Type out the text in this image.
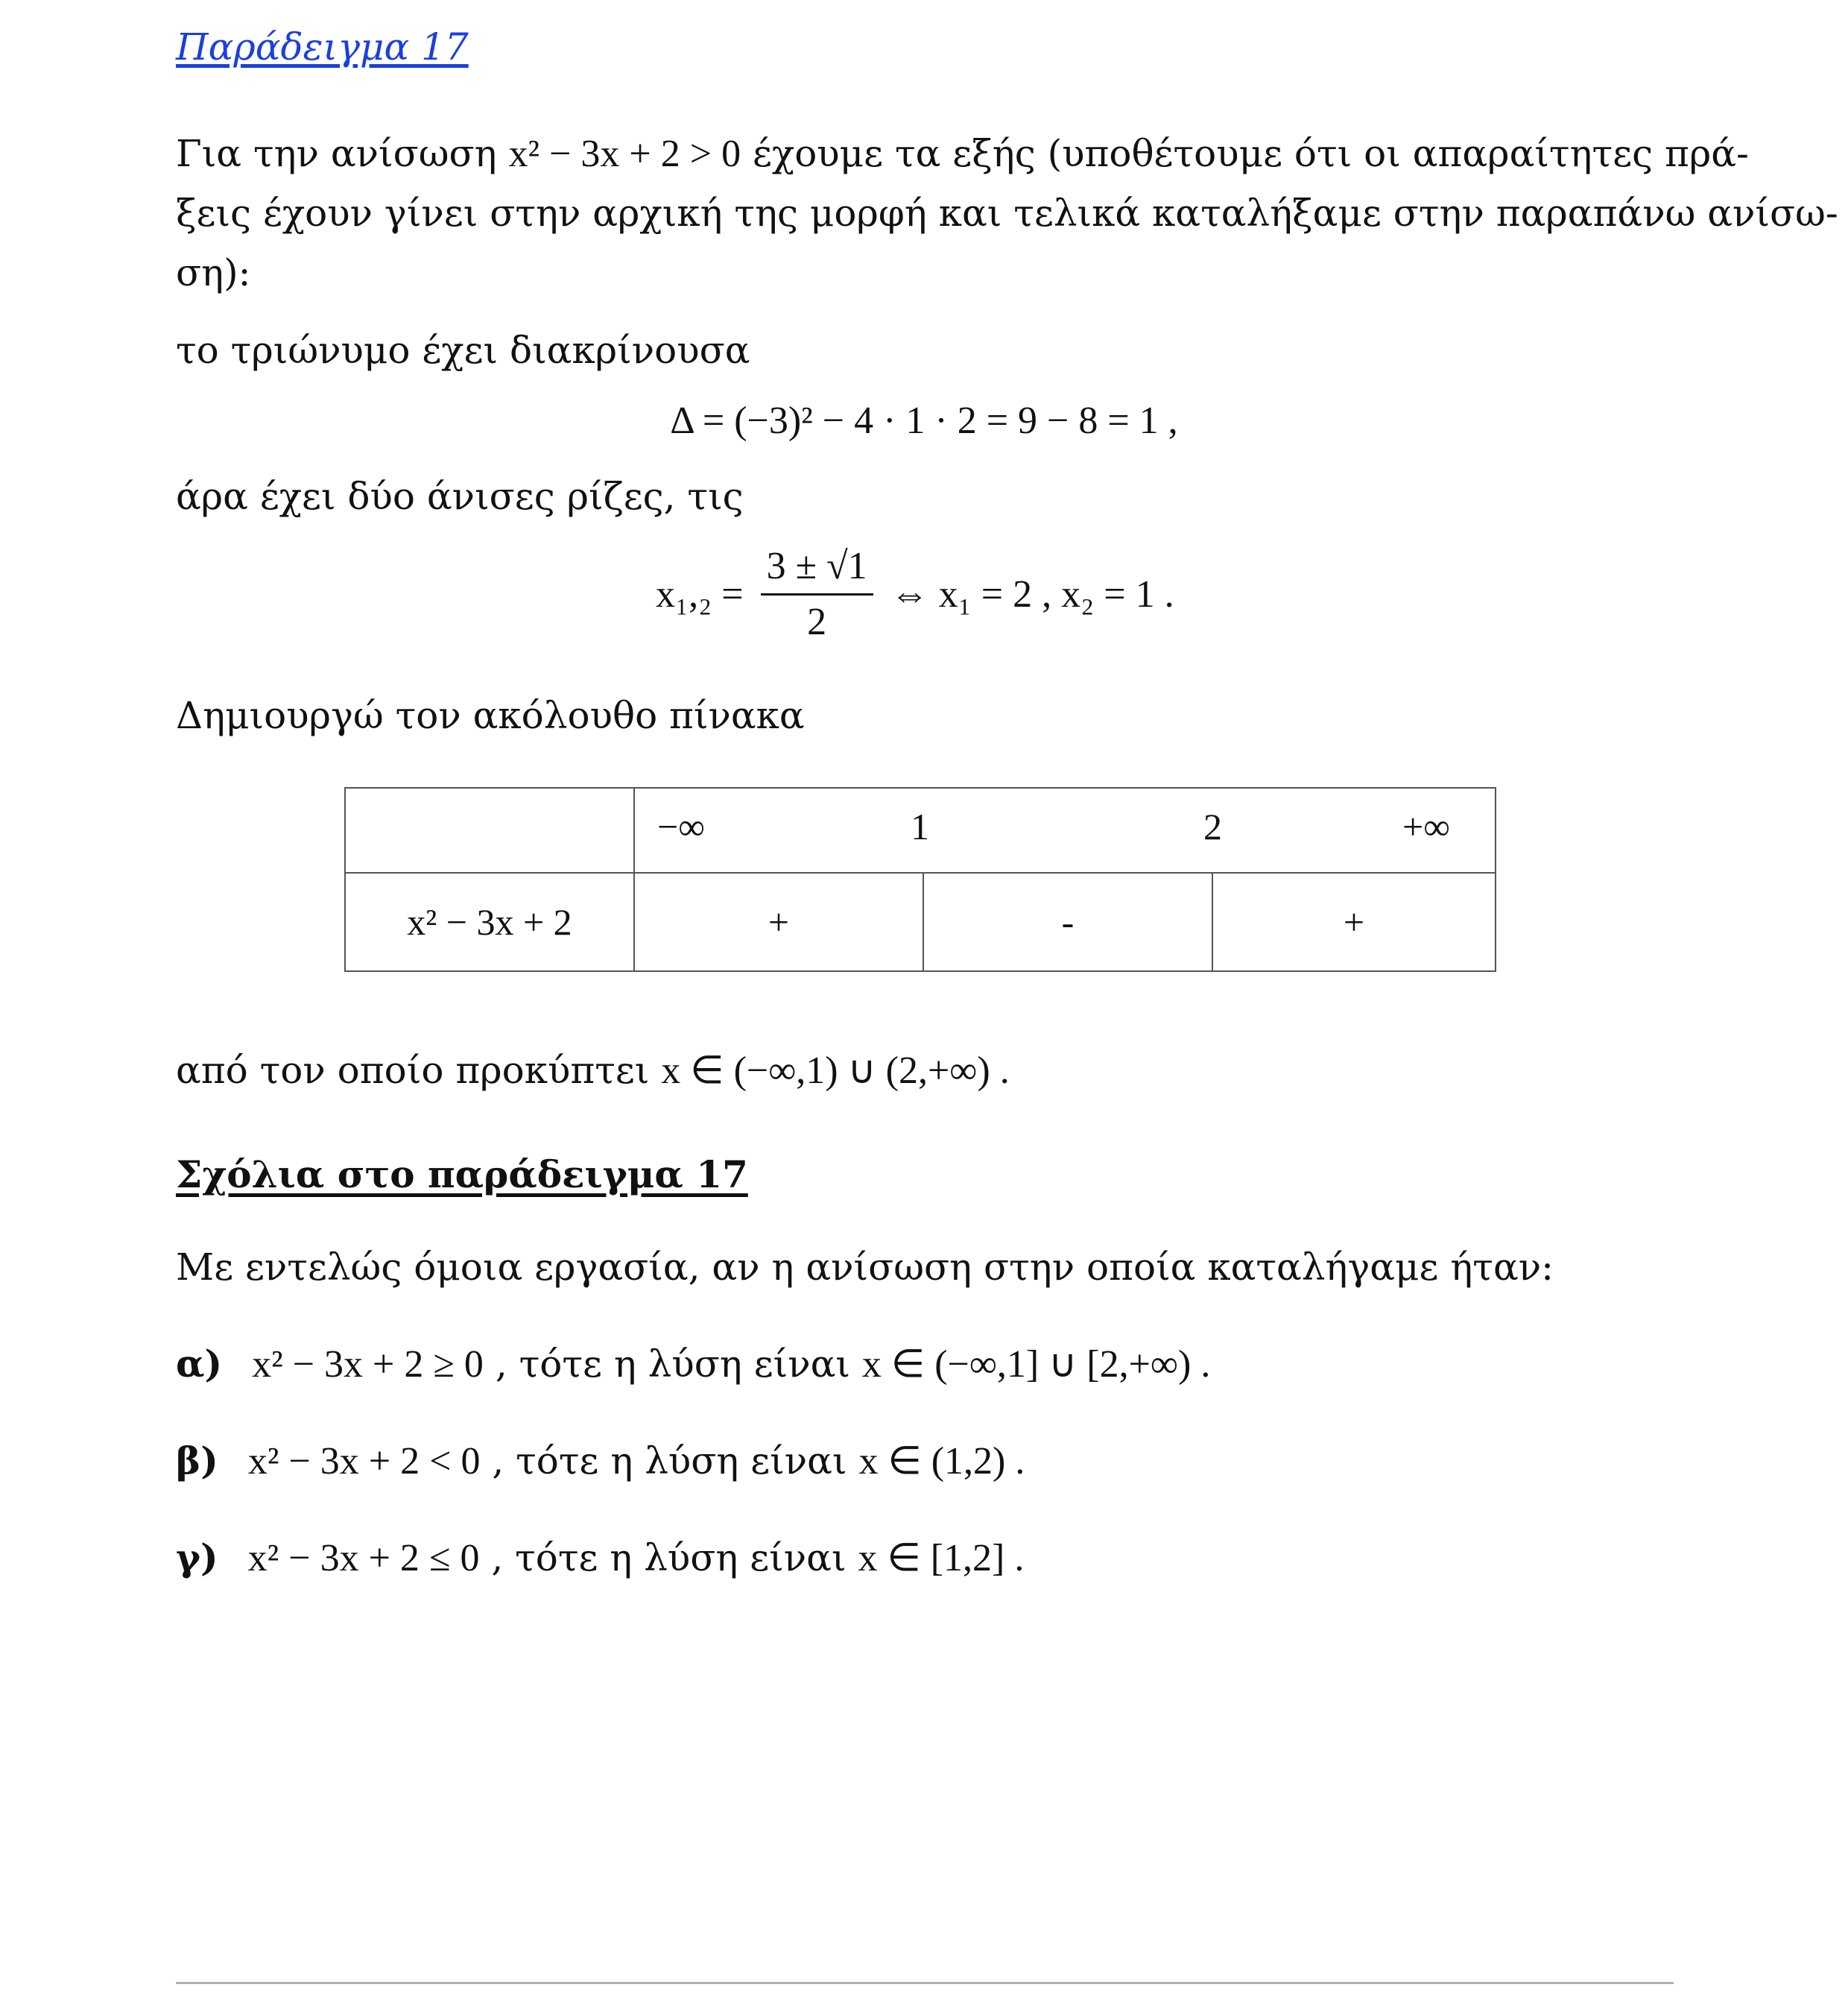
Παράδειγμα 17
Για την ανίσωση x² − 3x + 2 > 0 έχουμε τα εξής (υποθέτουμε ότι οι απαραίτητες πρά-
ξεις έχουν γίνει στην αρχική της μορφή και τελικά καταλήξαμε στην παραπάνω ανίσω-
ση):
το τριώνυμο έχει διακρίνουσα
Δ = (−3)² − 4 · 1 · 2 = 9 − 8 = 1 ,
άρα έχει δύο άνισες ρίζες, τις
$x_1,_2 = \frac{3 \pm √1}{2}$ ⇔ x₁ = 2 , x₂ = 1 .
Δημιουργώ τον ακόλουθο πίνακα

	−∞ 1 2 +∞		

x² − 3x + 2	+	-	+
από τον οποίο προκύπτει x ∈ (−∞,1) ∪ (2,+∞) .
Σχόλια στο παράδειγμα 17
Με εντελώς όμοια εργασία, αν η ανίσωση στην οποία καταλήγαμε ήταν:
α) x² − 3x + 2 ≥ 0 , τότε η λύση είναι x ∈ (−∞,1] ∪ [2,+∞) .
β) x² − 3x + 2 < 0 , τότε η λύση είναι x ∈ (1,2) .
γ) x² − 3x + 2 ≤ 0 , τότε η λύση είναι x ∈ [1,2] .
